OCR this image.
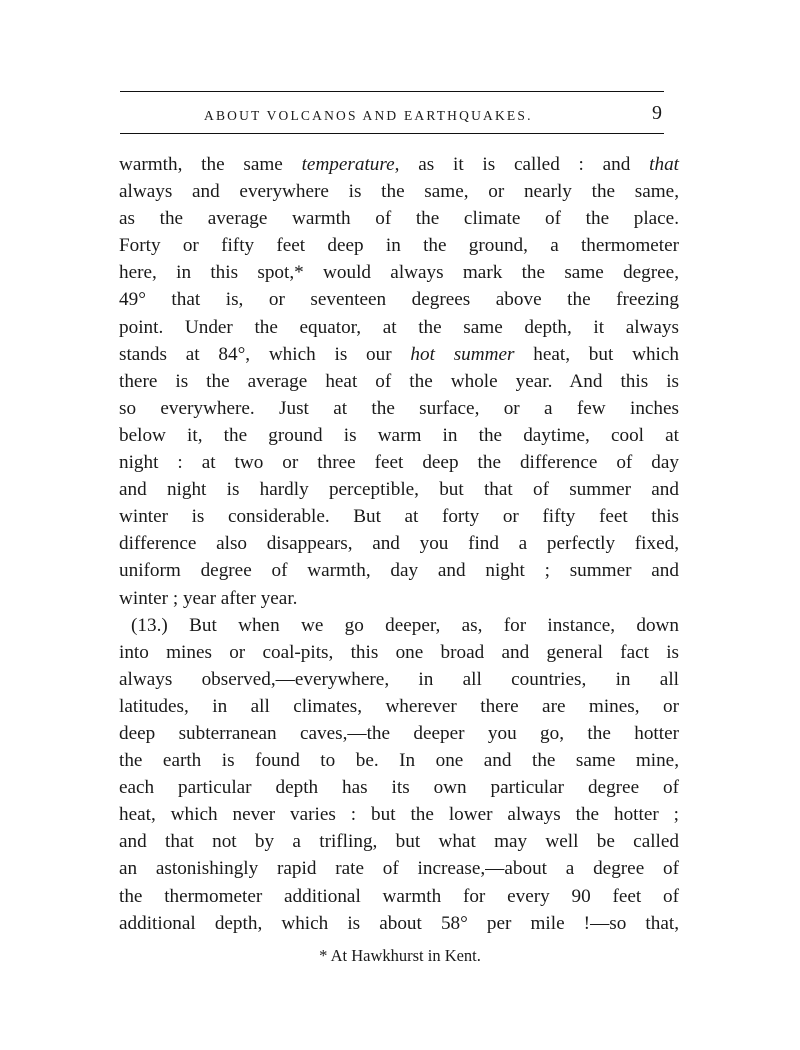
ABOUT VOLCANOS AND EARTHQUAKES.	9
warmth, the same temperature, as it is called : and that
always and everywhere is the same, or nearly the same,
as the average warmth of the climate of the place.
Forty or fifty feet deep in the ground, a thermometer
here, in this spot,* would always mark the same degree,
49° that is, or seventeen degrees above the freezing
point. Under the equator, at the same depth, it always
stands at 84°, which is our hot summer heat, but which
there is the average heat of the whole year. And this is
so everywhere. Just at the surface, or a few inches
below it, the ground is warm in the daytime, cool at
night : at two or three feet deep the difference of day
and night is hardly perceptible, but that of summer and
winter is considerable. But at forty or fifty feet this
difference also disappears, and you find a perfectly fixed,
uniform degree of warmth, day and night ; summer and
winter ; year after year.
(13.) But when we go deeper, as, for instance, down
into mines or coal-pits, this one broad and general fact is
always observed,—everywhere, in all countries, in all
latitudes, in all climates, wherever there are mines, or
deep subterranean caves,—the deeper you go, the hotter
the earth is found to be. In one and the same mine,
each particular depth has its own particular degree of
heat, which never varies : but the lower always the hotter ;
and that not by a trifling, but what may well be called
an astonishingly rapid rate of increase,—about a degree of
the thermometer additional warmth for every 90 feet of
additional depth, which is about 58° per mile !—so that,
* At Hawkhurst in Kent.
